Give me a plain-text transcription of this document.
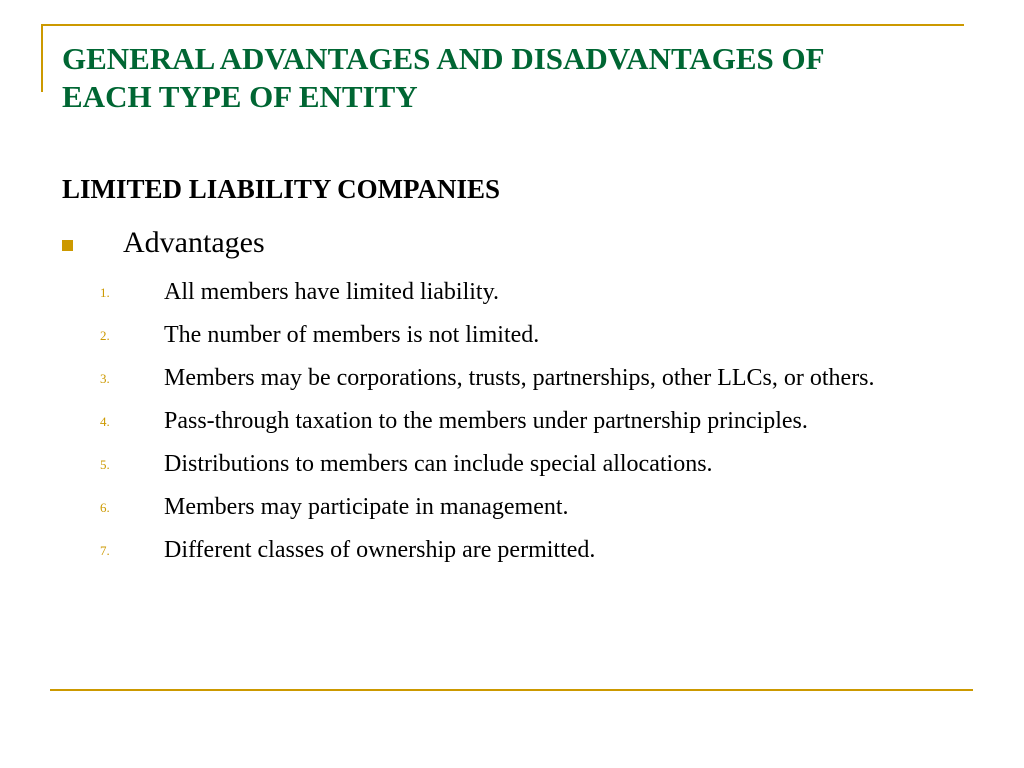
GENERAL ADVANTAGES AND DISADVANTAGES OF
EACH TYPE OF ENTITY
LIMITED LIABILITY COMPANIES
Advantages
1. All members have limited liability.
2. The number of members is not limited.
3. Members may be corporations, trusts, partnerships, other LLCs, or others.
4. Pass-through taxation to the members under partnership principles.
5. Distributions to members can include special allocations.
6. Members may participate in management.
7. Different classes of ownership are permitted.
